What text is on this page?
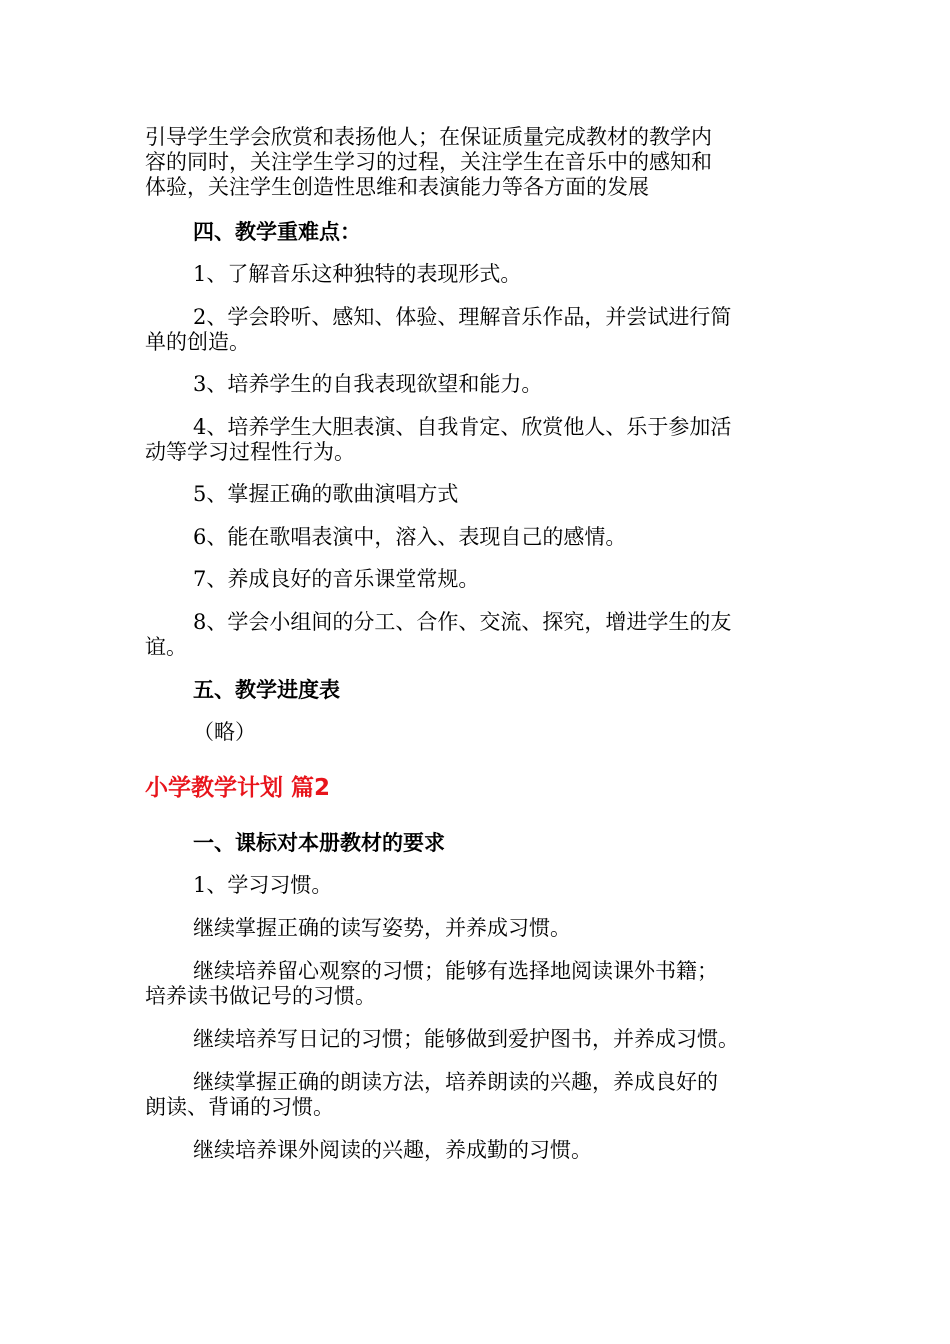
引导学生学会欣赏和表扬他人；在保证质量完成教材的教学内

容的同时，关注学生学习的过程，关注学生在音乐中的感知和

体验，关注学生创造性思维和表演能力等各方面的发展

四、教学重难点：

1、了解音乐这种独特的表现形式。

2、学会聆听、感知、体验、理解音乐作品，并尝试进行简

单的创造。

3、培养学生的自我表现欲望和能力。

4、培养学生大胆表演、自我肯定、欣赏他人、乐于参加活

动等学习过程性行为。

5、掌握正确的歌曲演唱方式

6、能在歌唱表演中，溶入、表现自己的感情。

7、养成良好的音乐课堂常规。

8、学会小组间的分工、合作、交流、探究，增进学生的友

谊。

五、教学进度表

（略）

小学教学计划 篇2

一、课标对本册教材的要求

1、学习习惯。

继续掌握正确的读写姿势，并养成习惯。

继续培养留心观察的习惯；能够有选择地阅读课外书籍；

培养读书做记号的习惯。

继续培养写日记的习惯；能够做到爱护图书，并养成习惯。

继续掌握正确的朗读方法，培养朗读的兴趣，养成良好的

朗读、背诵的习惯。

继续培养课外阅读的兴趣，养成勤的习惯。
